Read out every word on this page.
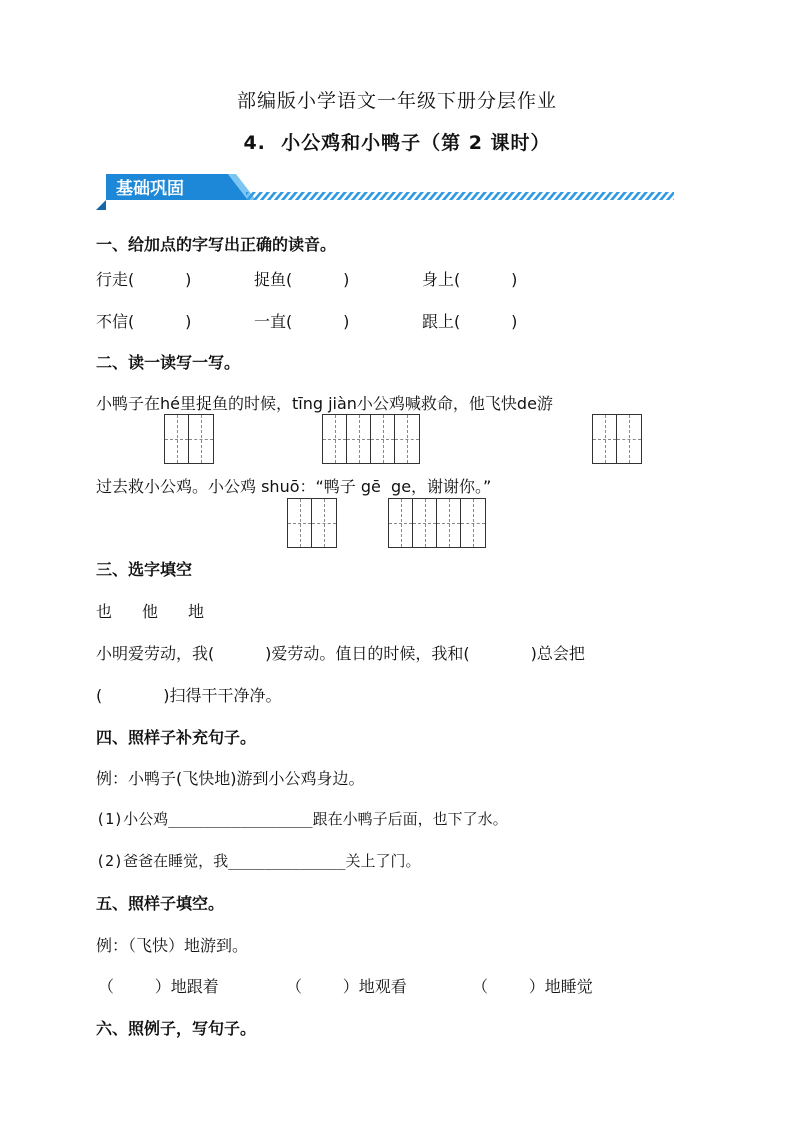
部编版小学语文一年级下册分层作业
4.  小公鸡和小鸭子（第 2 课时）
基础巩固
一、给加点的字写出正确的读音。
行走(          )	捉鱼(          )	身上(          )
不信(          )	一直(          )	跟上(          )
二、读一读写一写。
小鸭子在hé里捉鱼的时候，tīng jiàn小公鸡喊救命，他飞快de游
过去救小公鸡。小公鸡 shuō：“鸭子 gē  ge，谢谢你。”
三、选字填空
也 他 地
小明爱劳动，我(          )爱劳动。值日的时候，我和(            )总会把
(            )扫得干干净净。
四、照样子补充句子。
例：小鸭子(飞快地)游到小公鸡身边。
(1)小公鸡________________跟在小鸭子后面，也下了水。
(2)爸爸在睡觉，我_____________关上了门。
五、照样子填空。
例：（飞快）地游到。
（        ）地跟着	（        ）地观看	（        ）地睡觉
六、照例子，写句子。
